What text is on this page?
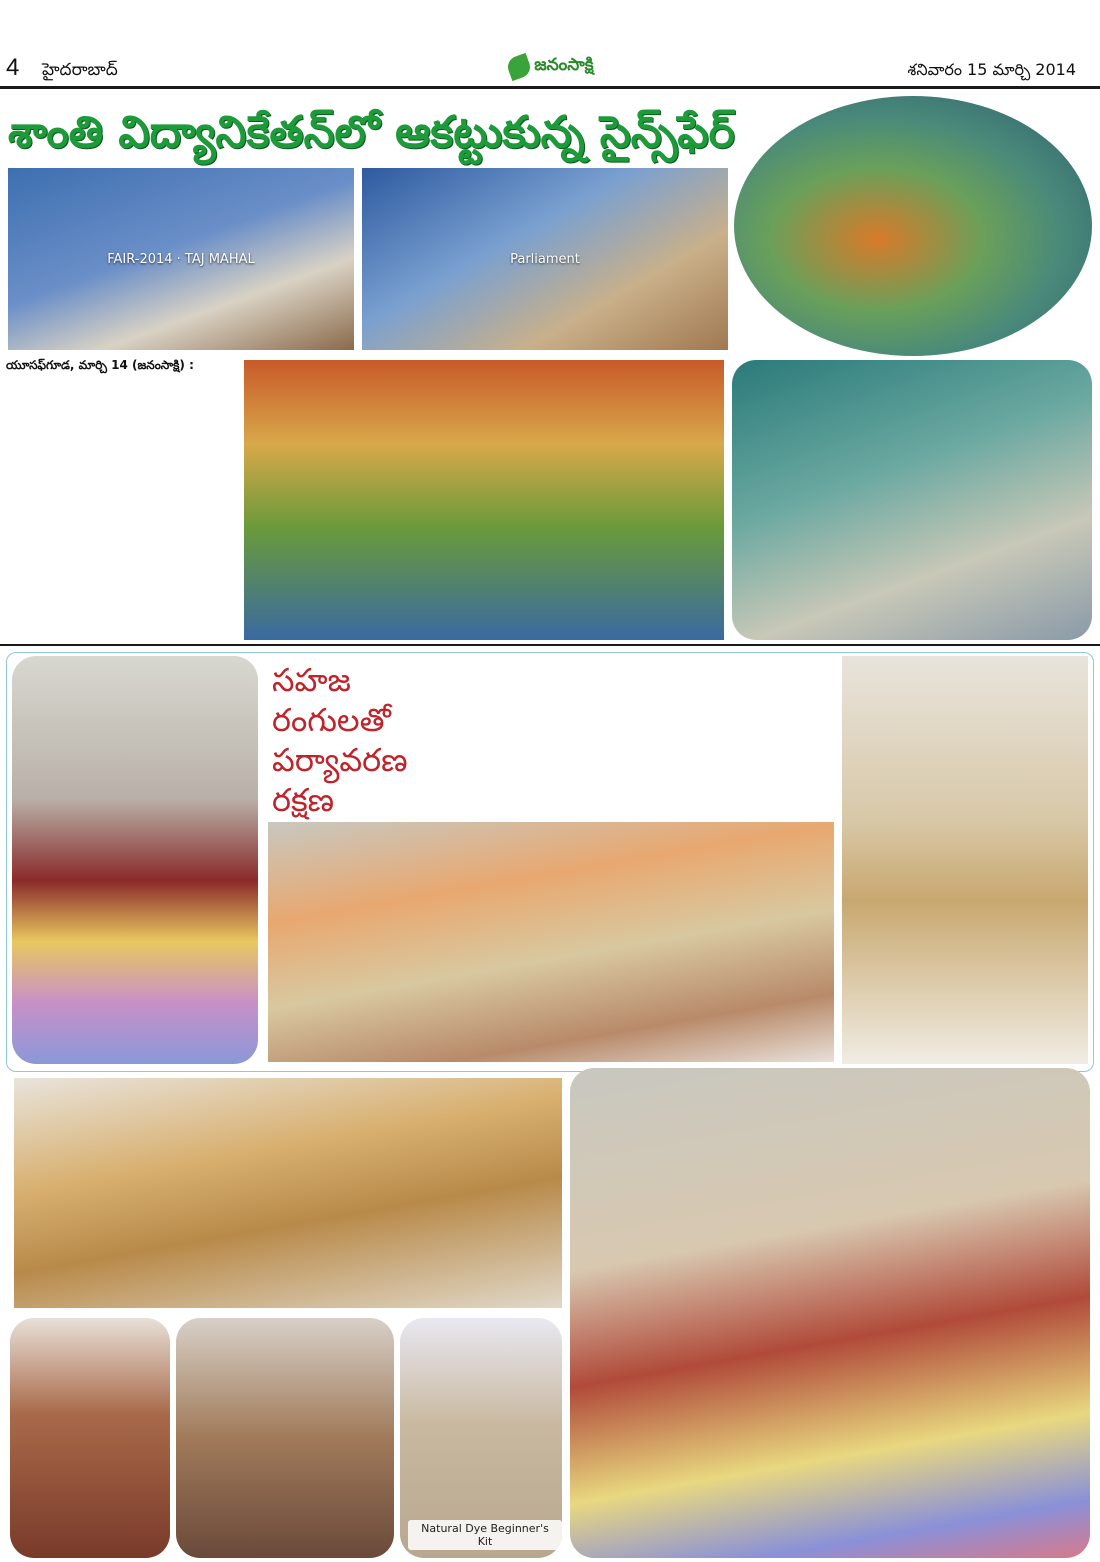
4 హైదరాబాద్	జనంసాక్షి	శనివారం 15 మార్చి 2014
శాంతి విద్యానికేతన్‌లో ఆకట్టుకున్న సైన్స్‌ఫేర్
FAIR-2014 · TAJ MAHAL	Parliament
యూసఫ్‌గూడ, మార్చి 14 (జనంసాక్షి) :
సహజ
రంగులతో
పర్యావరణ
రక్షణ
Natural Dye Beginner's Kit
